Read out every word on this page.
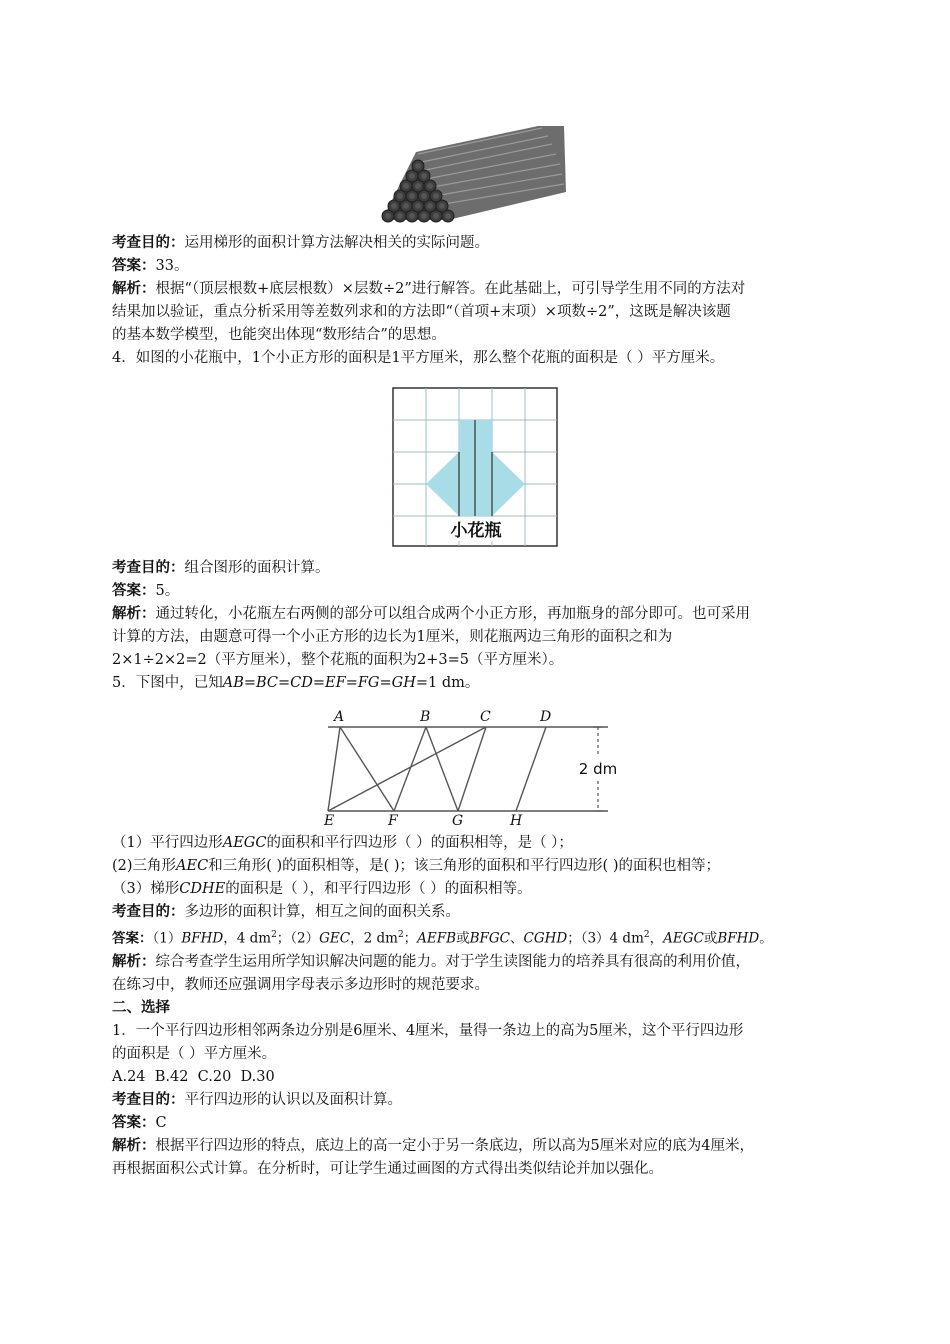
考查目的：运用梯形的面积计算方法解决相关的实际问题。
答案：33。
解析：根据“（顶层根数+底层根数）×层数÷2”进行解答。在此基础上，可引导学生用不同的方法对
结果加以验证，重点分析采用等差数列求和的方法即“（首项+末项）×项数÷2”，这既是解决该题
的基本数学模型，也能突出体现“数形结合”的思想。
4．如图的小花瓶中，1个小正方形的面积是1平方厘米，那么整个花瓶的面积是（ ）平方厘米。
小花瓶
考查目的：组合图形的面积计算。
答案：5。
解析：通过转化，小花瓶左右两侧的部分可以组合成两个小正方形，再加瓶身的部分即可。也可采用
计算的方法，由题意可得一个小正方形的边长为1厘米，则花瓶两边三角形的面积之和为
2×1÷2×2=2（平方厘米），整个花瓶的面积为2+3=5（平方厘米）。
5．下图中，已知AB=BC=CD=EF=FG=GH=1 dm。
A	B	C	D
E	F	G	H
2 dm
（1）平行四边形AEGC的面积和平行四边形（ ）的面积相等，是（ ）；
(2)三角形AEC和三角形( )的面积相等，是( )；该三角形的面积和平行四边形( )的面积也相等；
（3）梯形CDHE的面积是（ ），和平行四边形（ ）的面积相等。
考查目的：多边形的面积计算，相互之间的面积关系。
答案：（1）BFHD，4 $dm^2$；（2）GEC，2 $dm^2$；AEFB或BFGC、CGHD；（3）4 $dm^2$，AEGC或BFHD。
解析：综合考查学生运用所学知识解决问题的能力。对于学生读图能力的培养具有很高的利用价值，
在练习中，教师还应强调用字母表示多边形时的规范要求。
二、选择
1．一个平行四边形相邻两条边分别是6厘米、4厘米，量得一条边上的高为5厘米，这个平行四边形
的面积是（ ）平方厘米。
A.24  B.42  C.20  D.30
考查目的：平行四边形的认识以及面积计算。
答案：C
解析：根据平行四边形的特点，底边上的高一定小于另一条底边，所以高为5厘米对应的底为4厘米，
再根据面积公式计算。在分析时，可让学生通过画图的方式得出类似结论并加以强化。
